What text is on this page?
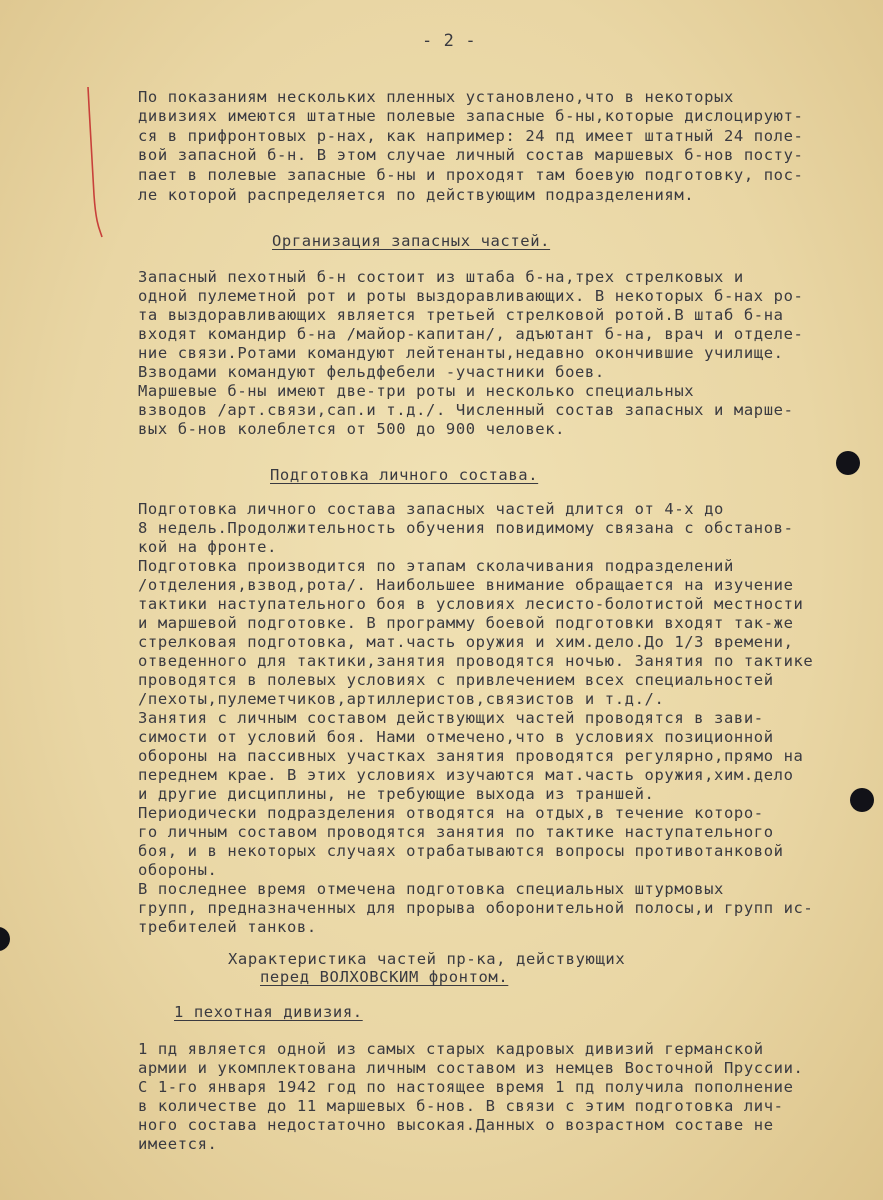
- 2 -
По показаниям нескольких пленных установлено,что в некоторых
дивизиях имеются штатные полевые запасные б-ны,которые дислоцируют-
ся в прифронтовых р-нах, как например: 24 пд имеет штатный 24 поле-
вой запасной б-н. В этом случае личный состав маршевых б-нов посту-
пает в полевые запасные б-ны и проходят там боевую подготовку, пос-
ле которой распределяется по действующим подразделениям.
Организация запасных частей.
Запасный пехотный б-н состоит из штаба б-на,трех стрелковых и
одной пулеметной рот и роты выздоравливающих. В некоторых б-нах ро-
та выздоравливающих является третьей стрелковой ротой.В штаб б-на
входят командир б-на /майор-капитан/, адъютант б-на, врач и отделе-
ние связи.Ротами командуют лейтенанты,недавно окончившие училище.
Взводами командуют фельдфебели -участники боев.
Маршевые б-ны имеют две-три роты и несколько специальных
взводов /арт.связи,сап.и т.д./. Численный состав запасных и марше-
вых б-нов колеблется от 500 до 900 человек.
Подготовка личного состава.
Подготовка личного состава запасных частей длится от 4-х до
8 недель.Продолжительность обучения повидимому связана с обстанов-
кой на фронте.
Подготовка производится по этапам сколачивания подразделений
/отделения,взвод,рота/. Наибольшее внимание обращается на изучение
тактики наступательного боя в условиях лесисто-болотистой местности
и маршевой подготовке. В программу боевой подготовки входят так-же
стрелковая подготовка, мат.часть оружия и хим.дело.До 1/3 времени,
отведенного для тактики,занятия проводятся ночью. Занятия по тактике
проводятся в полевых условиях с привлечением всех специальностей
/пехоты,пулеметчиков,артиллеристов,связистов и т.д./.
Занятия с личным составом действующих частей проводятся в зави-
симости от условий боя. Нами отмечено,что в условиях позиционной
обороны на пассивных участках занятия проводятся регулярно,прямо на
переднем крае. В этих условиях изучаются мат.часть оружия,хим.дело
и другие дисциплины, не требующие выхода из траншей.
Периодически подразделения отводятся на отдых,в течение которо-
го личным составом проводятся занятия по тактике наступательного
боя, и в некоторых случаях отрабатываются вопросы противотанковой
обороны.
В последнее время отмечена подготовка специальных штурмовых
групп, предназначенных для прорыва оборонительной полосы,и групп ис-
требителей танков.
Характеристика частей пр-ка, действующих
перед ВОЛХОВСКИМ фронтом.
1 пехотная дивизия.
1 пд является одной из самых старых кадровых дивизий германской
армии и укомплектована личным составом из немцев Восточной Пруссии.
С 1-го января 1942 год по настоящее время 1 пд получила пополнение
в количестве до 11 маршевых б-нов. В связи с этим подготовка лич-
ного состава недостаточно высокая.Данных о возрастном составе не
имеется.
